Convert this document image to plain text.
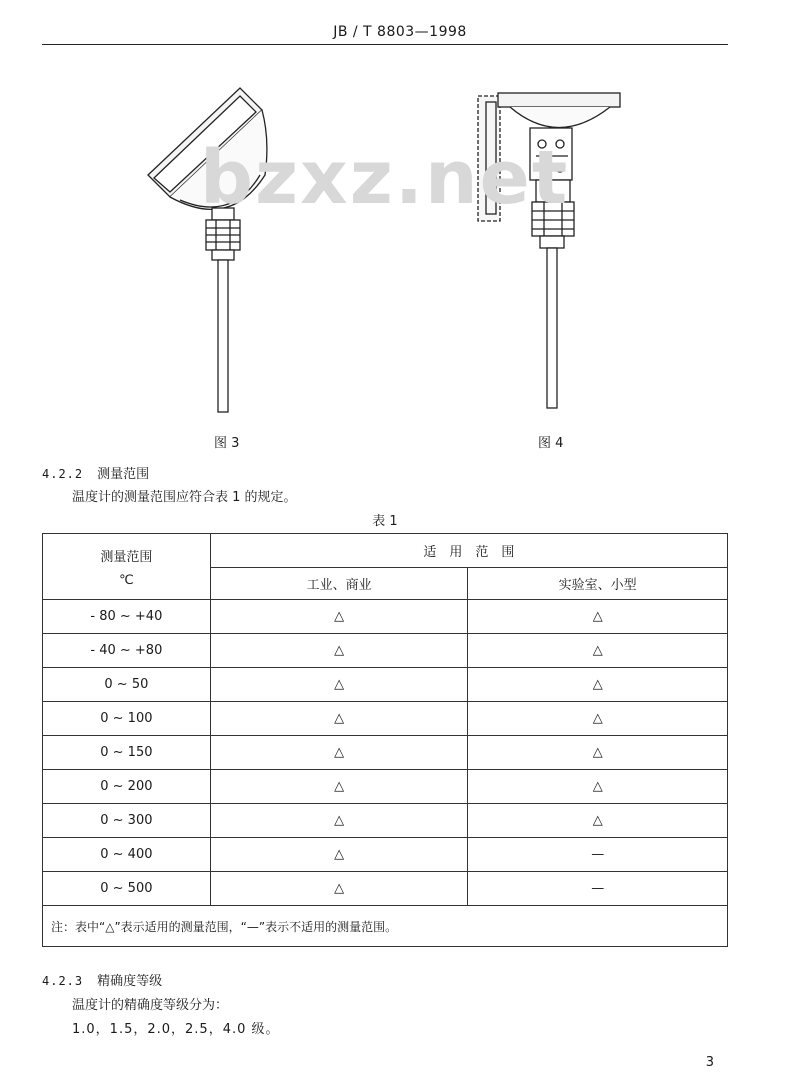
JB / T 8803—1998
bzxz.net
图 3	图 4
4.2.2 测量范围
温度计的测量范围应符合表 1 的规定。
表 1
测量范围
℃	适　用　范　围	
	工业、商业	实验室、小型
- 80 ~ +40	△	△
- 40 ~ +80	△	△
0 ~ 50	△	△
0 ~ 100	△	△
0 ~ 150	△	△
0 ~ 200	△	△
0 ~ 300	△	△
0 ~ 400	△	—
0 ~ 500	△	—
注：表中“△”表示适用的测量范围，“—”表示不适用的测量范围。		
4.2.3 精确度等级
温度计的精确度等级分为：
1.0，1.5，2.0，2.5，4.0 级。
3
